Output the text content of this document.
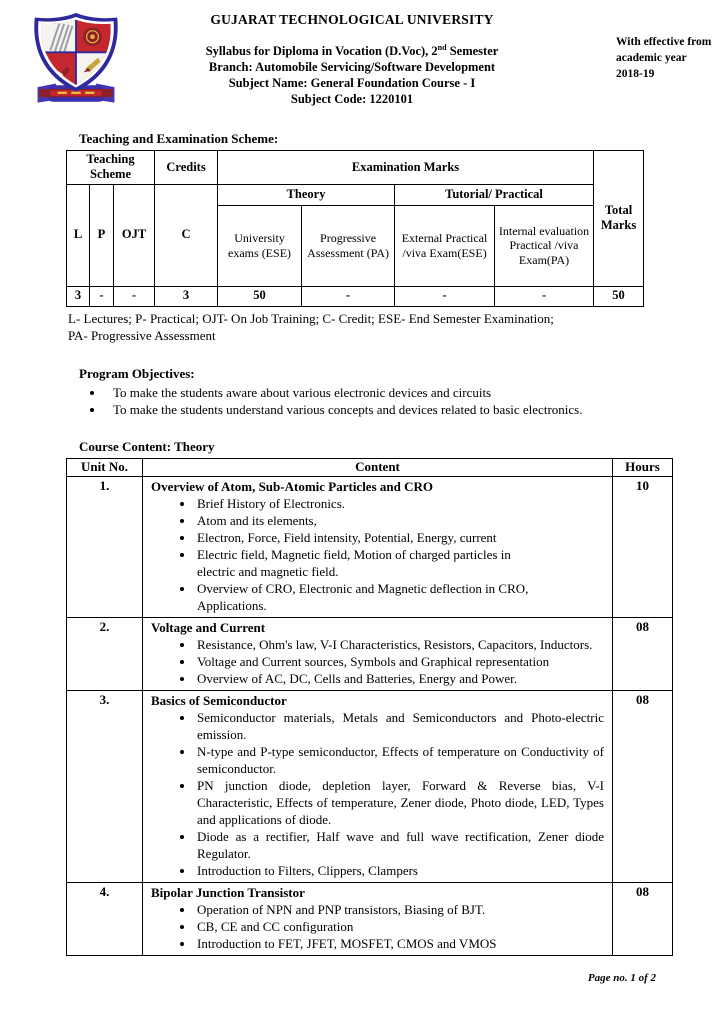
GUJARAT TECHNOLOGICAL UNIVERSITY
Syllabus for Diploma in Vocation (D.Voc), 2nd Semester
Branch: Automobile Servicing/Software Development
Subject Name: General Foundation Course - I
Subject Code: 1220101
With effective from academic year 2018-19
Teaching and Examination Scheme:
Teaching Scheme			Credits	Examination Marks				Total Marks
L	P	OJT	C	Theory		Tutorial/ Practical		
				University exams (ESE)	Progressive Assessment (PA)	External Practical /viva Exam(ESE)	Internal evaluation Practical /viva Exam(PA)	
3	-	-	3	50	-	-	-	50
L- Lectures; P- Practical; OJT- On Job Training; C- Credit; ESE- End Semester Examination;
PA- Progressive Assessment
Program Objectives:
• To make the students aware about various electronic devices and circuits
• To make the students understand various concepts and devices related to basic electronics.
Course Content: Theory
Unit No.	Content	Hours
1.	Overview of Atom, Sub-Atomic Particles and CRO
• Brief History of Electronics.
• Atom and its elements,
• Electron, Force, Field intensity, Potential, Energy, current
• Electric field, Magnetic field, Motion of charged particles in electric and magnetic field.
• Overview of CRO, Electronic and Magnetic deflection in CRO, Applications.
	10
2.	Voltage and Current
• Resistance, Ohm's law, V-I Characteristics, Resistors, Capacitors, Inductors.
• Voltage and Current sources, Symbols and Graphical representation
• Overview of AC, DC, Cells and Batteries, Energy and Power.
	08
3.	Basics of Semiconductor
• Semiconductor materials, Metals and Semiconductors and Photo-electric emission.
• N-type and P-type semiconductor, Effects of temperature on Conductivity of semiconductor.
• PN junction diode, depletion layer, Forward & Reverse bias, V-I Characteristic, Effects of temperature, Zener diode, Photo diode, LED, Types and applications of diode.
• Diode as a rectifier, Half wave and full wave rectification, Zener diode Regulator.
• Introduction to Filters, Clippers, Clampers
	08
4.	Bipolar Junction Transistor
• Operation of NPN and PNP transistors, Biasing of BJT.
• CB, CE and CC configuration
• Introduction to FET, JFET, MOSFET, CMOS and VMOS
	08
Page no. 1 of 2
